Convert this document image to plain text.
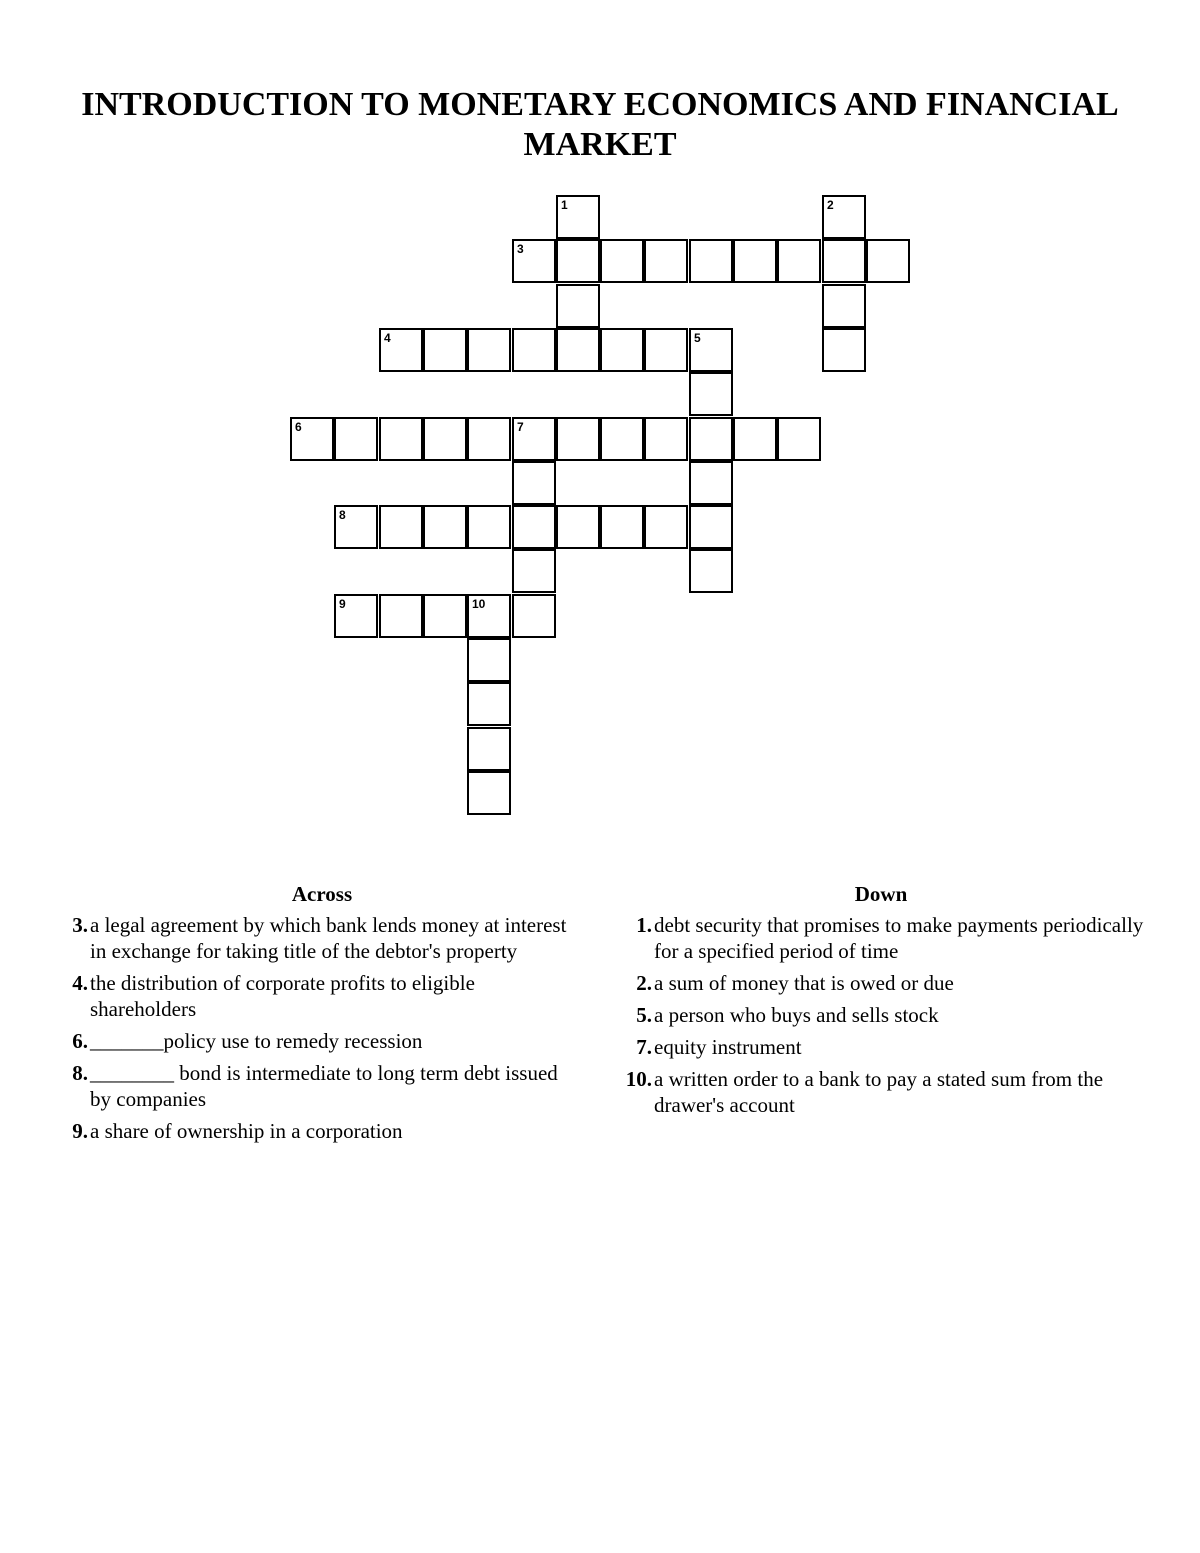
INTRODUCTION TO MONETARY ECONOMICS AND FINANCIAL MARKET
1	2
3
4	5
6	7
8
9	10
Across
3. a legal agreement by which bank lends money at interest in exchange for taking title of the debtor's property
4. the distribution of corporate profits to eligible shareholders
6. _______policy use to remedy recession
8. ________ bond is intermediate to long term debt issued by companies
9. a share of ownership in a corporation
Down
1. debt security that promises to make payments periodically for a specified period of time
2. a sum of money that is owed or due
5. a person who buys and sells stock
7. equity instrument
10. a written order to a bank to pay a stated sum from the drawer's account
